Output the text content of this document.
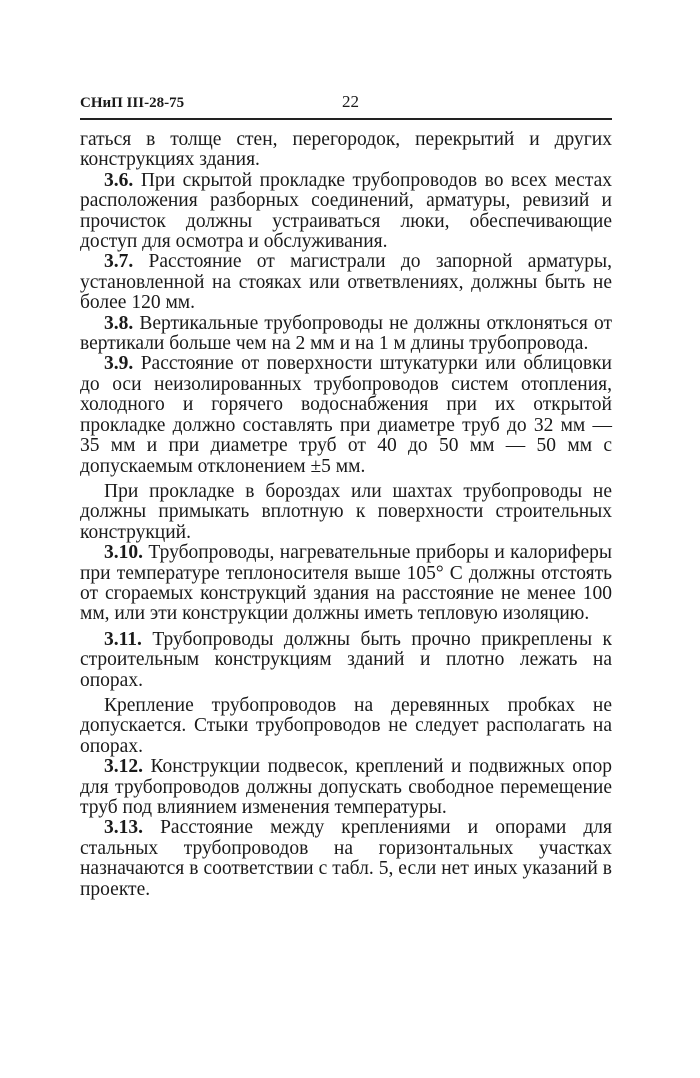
СНиП III-28-75	22

гаться в толще стен, перегородок, перекрытий и других конструкциях здания.

3.6. При скрытой прокладке трубопроводов во всех местах расположения разборных соединений, арматуры, ревизий и прочисток должны устраиваться люки, обеспечивающие доступ для осмотра и обслуживания.

3.7. Расстояние от магистрали до запорной арматуры, установленной на стояках или ответвлениях, должны быть не более 120 мм.

3.8. Вертикальные трубопроводы не должны отклоняться от вертикали больше чем на 2 мм и на 1 м длины трубопровода.

3.9. Расстояние от поверхности штукатурки или облицовки до оси неизолированных трубопроводов систем отопления, холодного и горячего водоснабжения при их открытой прокладке должно составлять при диаметре труб до 32 мм — 35 мм и при диаметре труб от 40 до 50 мм — 50 мм с допускаемым отклонением ±5 мм.

При прокладке в бороздах или шахтах трубопроводы не должны примыкать вплотную к поверхности строительных конструкций.

3.10. Трубопроводы, нагревательные приборы и калориферы при температуре теплоносителя выше 105° С должны отстоять от сгораемых конструкций здания на расстояние не менее 100 мм, или эти конструкции должны иметь тепловую изоляцию.

3.11. Трубопроводы должны быть прочно прикреплены к строительным конструкциям зданий и плотно лежать на опорах.

Крепление трубопроводов на деревянных пробках не допускается. Стыки трубопроводов не следует располагать на опорах.

3.12. Конструкции подвесок, креплений и подвижных опор для трубопроводов должны допускать свободное перемещение труб под влиянием изменения температуры.

3.13. Расстояние между креплениями и опорами для стальных трубопроводов на горизонтальных участках назначаются в соответствии с табл. 5, если нет иных указаний в проекте.
